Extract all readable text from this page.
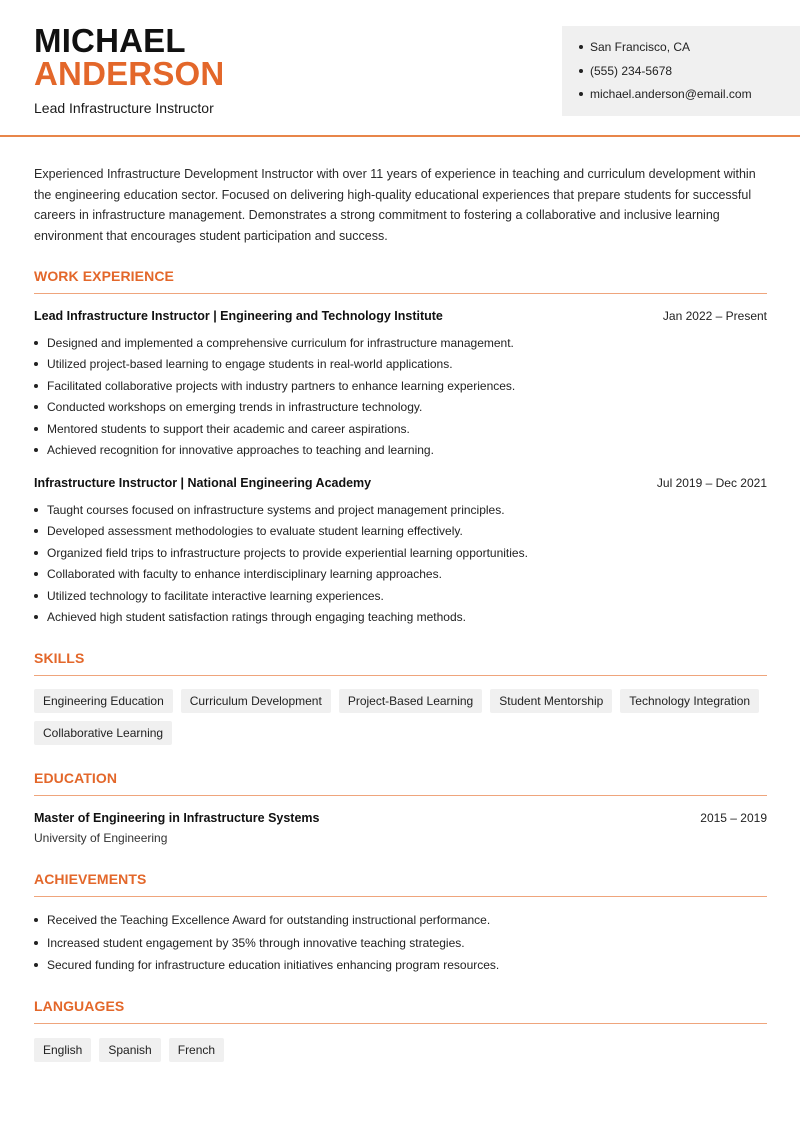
MICHAEL
ANDERSON
Lead Infrastructure Instructor
San Francisco, CA
(555) 234-5678
michael.anderson@email.com

Experienced Infrastructure Development Instructor with over 11 years of experience in teaching and curriculum development within the engineering education sector. Focused on delivering high-quality educational experiences that prepare students for successful careers in infrastructure management. Demonstrates a strong commitment to fostering a collaborative and inclusive learning environment that encourages student participation and success.

WORK EXPERIENCE
Lead Infrastructure Instructor | Engineering and Technology Institute	Jan 2022 – Present
Designed and implemented a comprehensive curriculum for infrastructure management.
Utilized project-based learning to engage students in real-world applications.
Facilitated collaborative projects with industry partners to enhance learning experiences.
Conducted workshops on emerging trends in infrastructure technology.
Mentored students to support their academic and career aspirations.
Achieved recognition for innovative approaches to teaching and learning.
Infrastructure Instructor | National Engineering Academy	Jul 2019 – Dec 2021
Taught courses focused on infrastructure systems and project management principles.
Developed assessment methodologies to evaluate student learning effectively.
Organized field trips to infrastructure projects to provide experiential learning opportunities.
Collaborated with faculty to enhance interdisciplinary learning approaches.
Utilized technology to facilitate interactive learning experiences.
Achieved high student satisfaction ratings through engaging teaching methods.
SKILLS
Engineering Education	Curriculum Development	Project-Based Learning	Student Mentorship	Technology Integration
Collaborative Learning
EDUCATION
Master of Engineering in Infrastructure Systems	2015 – 2019
University of Engineering
ACHIEVEMENTS
Received the Teaching Excellence Award for outstanding instructional performance.
Increased student engagement by 35% through innovative teaching strategies.
Secured funding for infrastructure education initiatives enhancing program resources.
LANGUAGES
English	Spanish	French
